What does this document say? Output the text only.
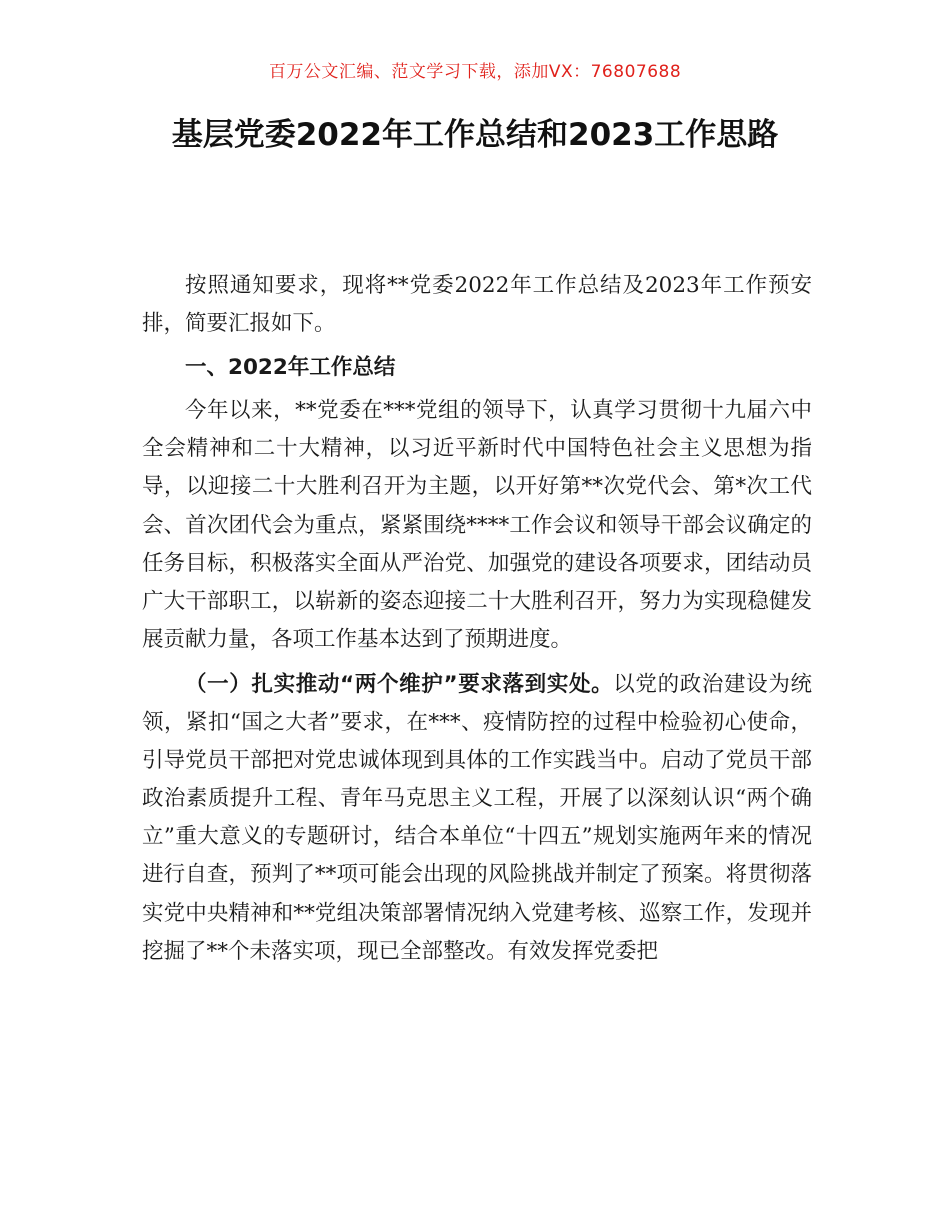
百万公文汇编、范文学习下载，添加VX：76807688
基层党委2022年工作总结和2023工作思路

按照通知要求，现将**党委2022年工作总结及2023年工作预安排，简要汇报如下。

一、2022年工作总结

今年以来，**党委在***党组的领导下，认真学习贯彻十九届六中全会精神和二十大精神，以习近平新时代中国特色社会主义思想为指导，以迎接二十大胜利召开为主题，以开好第**次党代会、第*次工代会、首次团代会为重点，紧紧围绕****工作会议和领导干部会议确定的任务目标，积极落实全面从严治党、加强党的建设各项要求，团结动员广大干部职工，以崭新的姿态迎接二十大胜利召开，努力为实现稳健发展贡献力量，各项工作基本达到了预期进度。

（一）扎实推动“两个维护”要求落到实处。以党的政治建设为统领，紧扣“国之大者”要求，在***、疫情防控的过程中检验初心使命，引导党员干部把对党忠诚体现到具体的工作实践当中。启动了党员干部政治素质提升工程、青年马克思主义工程，开展了以深刻认识“两个确立”重大意义的专题研讨，结合本单位“十四五”规划实施两年来的情况进行自查，预判了**项可能会出现的风险挑战并制定了预案。将贯彻落实党中央精神和**党组决策部署情况纳入党建考核、巡察工作，发现并挖掘了**个未落实项，现已全部整改。有效发挥党委把
